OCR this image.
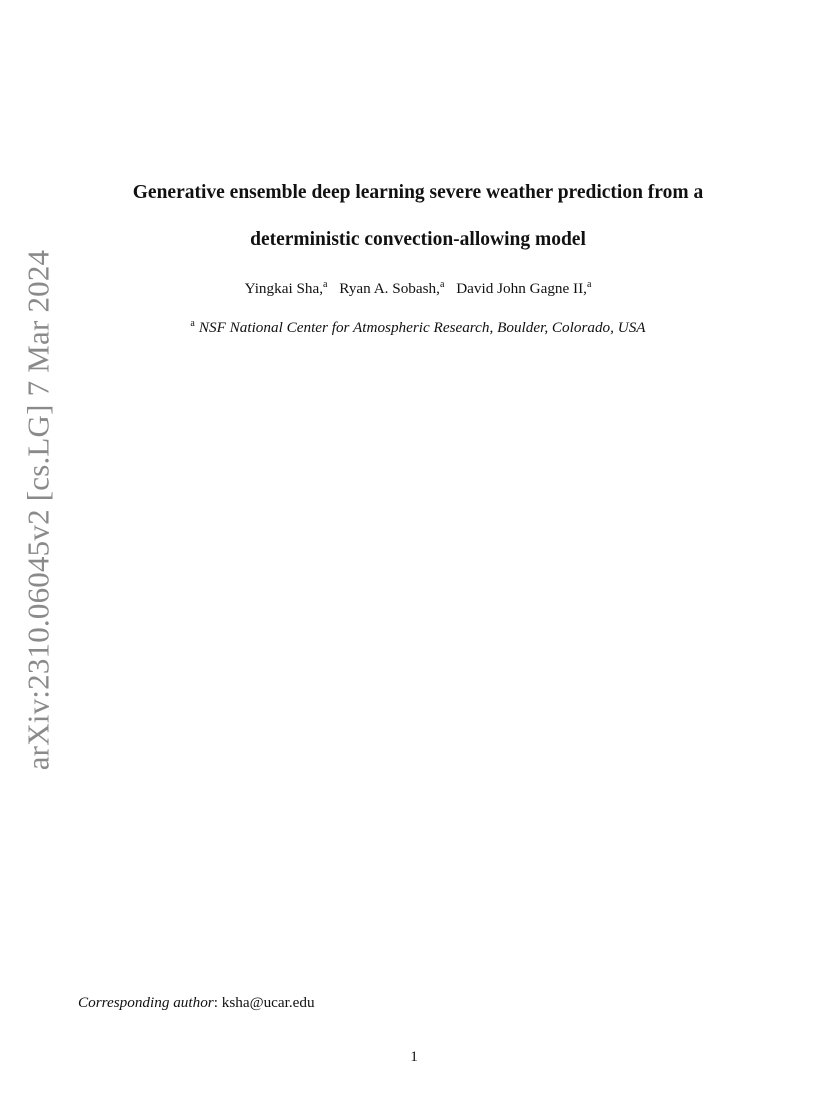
arXiv:2310.06045v2 [cs.LG] 7 Mar 2024
Generative ensemble deep learning severe weather prediction from a
deterministic convection-allowing model
Yingkai Sha,$^a$ Ryan A. Sobash,$^a$ David John Gagne II,$^a$
$^a$ NSF National Center for Atmospheric Research, Boulder, Colorado, USA
Corresponding author: ksha@ucar.edu
1
